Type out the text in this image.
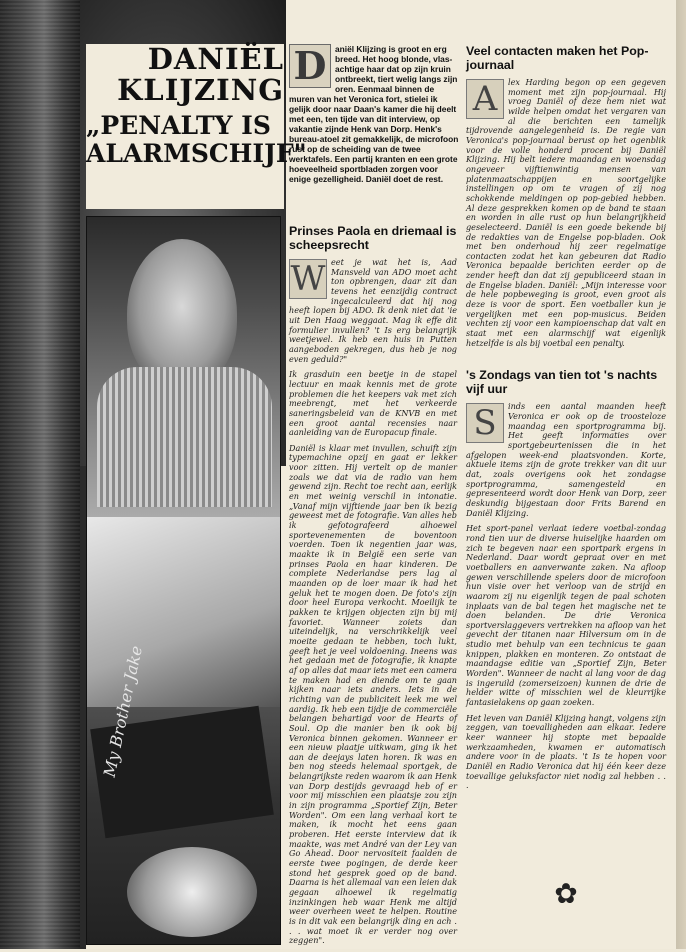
DANIËL KLIJZING
„PENALTY IS ALARMSCHIJF"
My Brother Jake
D	aniël Klijzing is groot en erg breed. Het hoog blonde, vlas-achtige haar dat op zijn kruin ontbreekt, tiert welig langs zijn oren. Eenmaal binnen de muren van het Veronica fort, stielei ik gelijk door naar Daan's kamer die hij deelt met een, ten tijde van dit interview, op vakantie zijnde Henk van Dorp. Henk's bureau-atoel zit gemakkelijk, de microfoon rust op de scheiding van de twee werktafels. Een partij kranten en een grote hoeveelheid sportbladen zorgen voor enige gezelligheid. Daniël doet de rest.
Prinses Paola en driemaal is scheepsrecht

W eet je wat het is, Aad Mansveld van ADO moet acht ton opbrengen, daar zit dan tevens het eenzijdig contract ingecalculeerd dat hij nog heeft lopen bij ADO. Ik denk niet dat 'ie uit Den Haag weggaat. Mag ik effe dit formulier invullen? 't Is erg belangrijk weetjewel. Ik heb een huis in Putten aangeboden gekregen, dus heb je nog even geduld?"

Ik grasduin een beetje in de stapel lectuur en maak kennis met de grote problemen die het keepers vak met zich meebrengt, met het verkeerde saneringsbeleid van de KNVB en met een groot aantal recensies naar aanleiding van de Europacup finale.

Daniël is klaar met invullen, schuift zijn typemachine opzij en gaat er lekker voor zitten. Hij vertelt op de manier zoals we dat via de radio van hem gewend zijn. Recht toe recht aan, eerlijk en met weinig verschil in intonatie. „Vanaf mijn vijftiende jaar ben ik bezig geweest met de fotografie. Van alles heb ik gefotografeerd alhoewel sportevenementen de boventoon voerden. Toen ik negentien jaar was, maakte ik in België een serie van prinses Paola en haar kinderen. De complete Nederlandse pers lag al maanden op de loer maar ik had het geluk het te mogen doen. De foto's zijn door heel Europa verkocht. Moeilijk te pakken te krijgen objecten zijn bij mij favoriet. Wanneer zoiets dan uiteindelijk, na verschrikkelijk veel moeite gedaan te hebben, toch lukt, geeft het je veel voldoening. Ineens was het gedaan met de fotografie, ik knapte af op alles dat maar iets met een camera te maken had en diende om te gaan kijken naar iets anders. Iets in de richting van de publiciteit leek me wel aardig. Ik heb een tijdje de commerciële belangen behartigd voor de Hearts of Soul. Op die manier ben ik ook bij Veronica binnen gekomen. Wanneer er een nieuw plaatje uitkwam, ging ik het aan de deejays laten horen. Ik was en ben nog steeds helemaal sportgek, de belangrijkste reden waarom ik aan Henk van Dorp destijds gevraagd heb of er voor mij misschien een plaatsje zou zijn in zijn programma „Sportief Zijn, Beter Worden". Om een lang verhaal kort te maken, ik mocht het eens gaan proberen. Het eerste interview dat ik maakte, was met André van der Ley van Go Ahead. Door nervositeit faalden de eerste twee pogingen, de derde keer stond het gesprek goed op de band. Daarna is het allemaal van een leien dak gegaan alhoewel ik regelmatig inzinkingen heb waar Henk me altijd weer overheen weet te helpen. Routine is in dit vak een belangrijk ding en ach . . . wat moet ik er verder nog over zeggen".

Veel contacten maken het Pop-journaal

A	lex Harding begon op een gegeven moment met zijn pop-journaal. Hij vroeg Daniël of deze hem niet wat wilde helpen omdat het vergaren van al die berichten een tamelijk tijdrovende aangelegenheid is. De regie van Veronica's pop-journaal berust op het ogenblik voor de volle honderd procent bij Daniël Klijzing. Hij belt iedere maandag en woensdag ongeveer vijftienwintig mensen van platenmaatschappijen en soortgelijke instellingen op om te vragen of zij nog schokkende meldingen op pop-gebied hebben. Al deze gesprekken komen op de band te staan en worden in alle rust op hun belangrijkheid geselecteerd. Daniël is een goede bekende bij de redakties van de Engelse pop-bladen. Ook met ben onderhoud hij zeer regelmatige contacten zodat het kan gebeuren dat Radio Veronica bepaalde berichten eerder op de zender heeft dan dat zij gepubliceerd staan in de Engelse bladen. Daniël: „Mijn interesse voor de hele popbeweging is groot, even groot als deze is voor de sport. Een voetballer kun je vergelijken met een pop-musicus. Beiden vechten zij voor een kampioenschap dat valt en staat met een alarmschijf wat eigenlijk hetzelfde is als bij voetbal een penalty.

's Zondags van tien tot 's nachts vijf uur

S	inds een aantal maanden heeft Veronica er ook op de troosteloze maandag een sportprogramma bij. Het geeft informaties over sportgebeurtenissen die in het afgelopen week-end plaatsvonden. Korte, aktuele items zijn de grote trekker van dit uur dat, zoals overigens ook het zondagse sportprogramma, samengesteld en gepresenteerd wordt door Henk van Dorp, zeer deskundig bijgestaan door Frits Barend en Daniël Klijzing.

Het sport-panel verlaat iedere voetbal-zondag rond tien uur de diverse huiselijke haarden om zich te begeven naar een sportpark ergens in Nederland. Daar wordt gepraat over en met voetballers en aanverwante zaken. Na afloop gewen verschillende spelers door de microfoon hun visie over het verloop van de strijd en waarom zij nu eigenlijk tegen de paal schoten inplaats van de bal tegen het magische net te doen belanden. De drie Veronica sportverslaggevers vertrekken na afloop van het gevecht der titanen naar Hilversum om in de studio met behulp van een technicus te gaan knippen, plakken en monteren. Zo ontstaat de maandagse editie van „Sportief Zijn, Beter Worden". Wanneer de nacht al lang voor de dag is ingeruild (zomerseizoen) kunnen de drie de helder witte of misschien wel de kleurrijke fantasielakens op gaan zoeken.

Het leven van Daniël Klijzing hangt, volgens zijn zeggen, van toevalligheden aan elkaar. Iedere keer wanneer hij stopte met bepaalde werkzaamheden, kwamen er automatisch andere voor in de plaats. 't Is te hopen voor Daniël en Radio Veronica dat hij één keer deze toevallige geluksfactor niet nodig zal hebben . . .

✿
